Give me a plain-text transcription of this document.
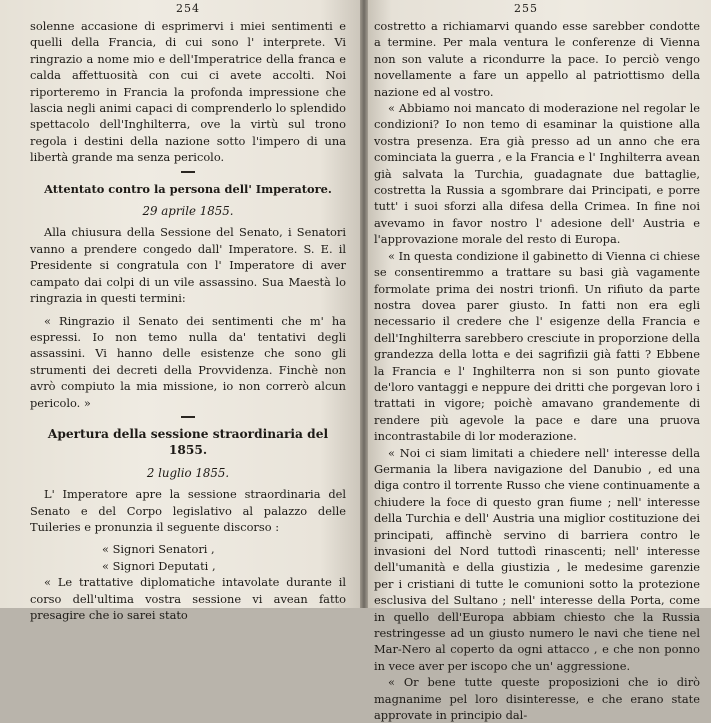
254

solenne accasione di esprimervi i miei sentimenti e quelli della Francia, di cui sono l' interprete. Vi ringrazio a nome mio e dell'Imperatrice della franca e calda affettuosità con cui ci avete accolti. Noi riporteremo in Francia la profonda impressione che lascia negli animi capaci di comprenderlo lo splendido spettacolo dell'Inghilterra, ove la virtù sul trono regola i destini della nazione sotto l'impero di una libertà grande ma senza pericolo.

Attentato contro la persona dell' Imperatore.
29 aprile 1855.

Alla chiusura della Sessione del Senato, i Senatori vanno a prendere congedo dall' Imperatore. S. E. il Presidente si congratula con l' Imperatore di aver campato dai colpi di un vile assassino. Sua Maestà lo ringrazia in questi termini:

« Ringrazio il Senato dei sentimenti che m' ha espressi. Io non temo nulla da' tentativi degli assassini. Vi hanno delle esistenze che sono gli strumenti dei decreti della Provvidenza. Finchè non avrò compiuto la mia missione, io non correrò alcun pericolo. »

Apertura della sessione straordinaria del 1855.
2 luglio 1855.

L' Imperatore apre la sessione straordinaria del Senato e del Corpo legislativo al palazzo delle Tuileries e pronunzia il seguente discorso :

« Signori Senatori ,

« Signori Deputati ,

« Le trattative diplomatiche intavolate durante il corso dell'ultima vostra sessione vi avean fatto presagire che io sarei stato

255

costretto a richiamarvi quando esse sarebber condotte a termine. Per mala ventura le conferenze di Vienna non son valute a ricondurre la pace. Io perciò vengo novellamente a fare un appello al patriottismo della nazione ed al vostro.

« Abbiamo noi mancato di moderazione nel regolar le condizioni? Io non temo di esaminar la quistione alla vostra presenza. Era già presso ad un anno che era cominciata la guerra , e la Francia e l' Inghilterra avean già salvata la Turchia, guadagnate due battaglie, costretta la Russia a sgombrare dai Principati, e porre tutt' i suoi sforzi alla difesa della Crimea. In fine noi avevamo in favor nostro l' adesione dell' Austria e l'approvazione morale del resto di Europa.

« In questa condizione il gabinetto di Vienna ci chiese se consentiremmo a trattare su basi già vagamente formolate prima dei nostri trionfi. Un rifiuto da parte nostra dovea parer giusto. In fatti non era egli necessario il credere che l' esigenze della Francia e dell'Inghilterra sarebbero cresciute in proporzione della grandezza della lotta e dei sagrifizii già fatti ? Ebbene la Francia e l' Inghilterra non si son punto giovate de'loro vantaggi e neppure dei dritti che porgevan loro i trattati in vigore; poichè amavano grandemente di rendere più agevole la pace e dare una pruova incontrastabile di lor moderazione.

« Noi ci siam limitati a chiedere nell' interesse della Germania la libera navigazione del Danubio , ed una diga contro il torrente Russo che viene continuamente a chiudere la foce di questo gran fiume ; nell' interesse della Turchia e dell' Austria una miglior costituzione dei principati, affinchè servino di barriera contro le invasioni del Nord tuttodì rinascenti; nell' interesse dell'umanità e della giustizia , le medesime garenzie per i cristiani di tutte le comunioni sotto la protezione esclusiva del Sultano ; nell' interesse della Porta, come in quello dell'Europa abbiam chiesto che la Russia restringesse ad un giusto numero le navi che tiene nel Mar-Nero al coperto da ogni attacco , e che non ponno in vece aver per iscopo che un' aggressione.

« Or bene tutte queste proposizioni che io dirò magnanime pel loro disinteresse, e che erano state approvate in principio dal-
